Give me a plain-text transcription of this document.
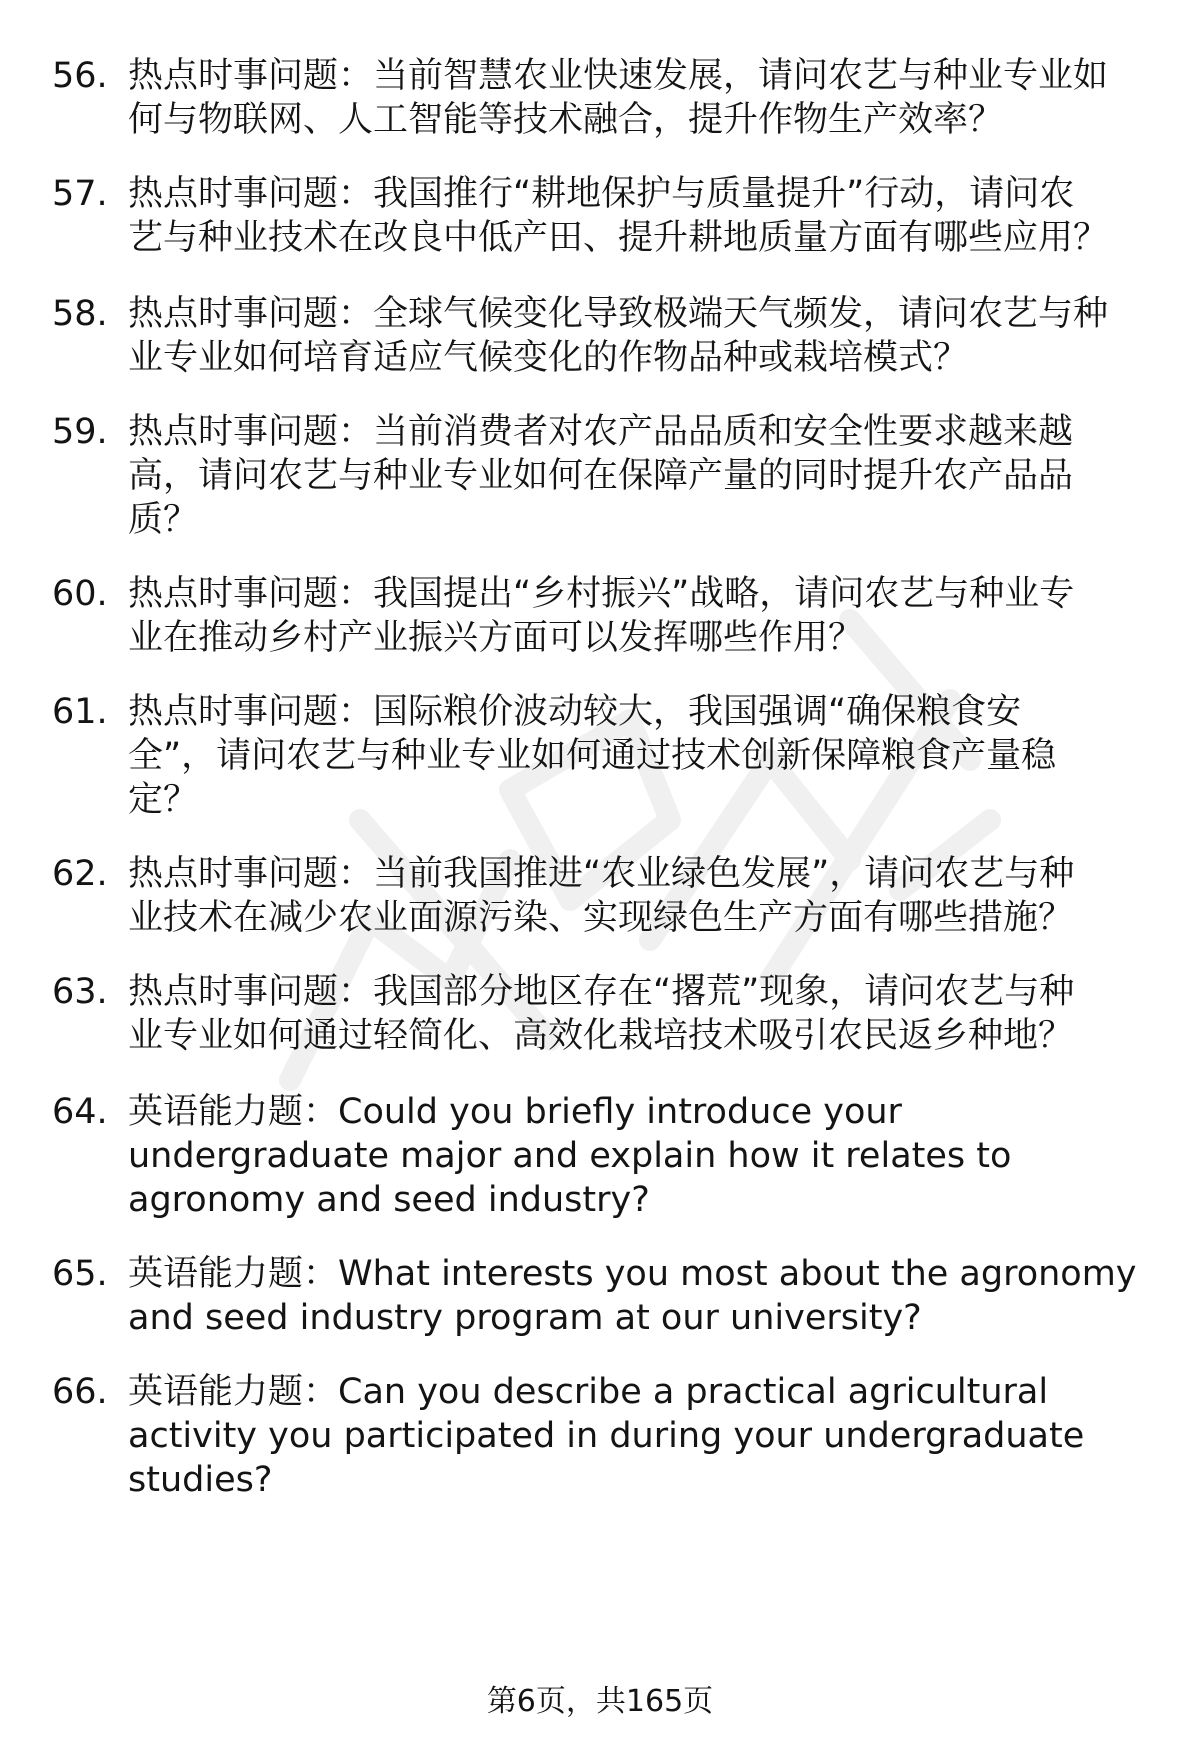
56. 热点时事问题：当前智慧农业快速发展，请问农艺与种业专业如
何与物联网、人工智能等技术融合，提升作物生产效率？
57. 热点时事问题：我国推行“耕地保护与质量提升”行动，请问农
艺与种业技术在改良中低产田、提升耕地质量方面有哪些应用？
58. 热点时事问题：全球气候变化导致极端天气频发，请问农艺与种
业专业如何培育适应气候变化的作物品种或栽培模式？
59. 热点时事问题：当前消费者对农产品品质和安全性要求越来越
高，请问农艺与种业专业如何在保障产量的同时提升农产品品
质？
60. 热点时事问题：我国提出“乡村振兴”战略，请问农艺与种业专
业在推动乡村产业振兴方面可以发挥哪些作用？
61. 热点时事问题：国际粮价波动较大，我国强调“确保粮食安
全”，请问农艺与种业专业如何通过技术创新保障粮食产量稳
定？
62. 热点时事问题：当前我国推进“农业绿色发展”，请问农艺与种
业技术在减少农业面源污染、实现绿色生产方面有哪些措施？
63. 热点时事问题：我国部分地区存在“撂荒”现象，请问农艺与种
业专业如何通过轻简化、高效化栽培技术吸引农民返乡种地？
64. 英语能力题：Could you briefly introduce your
undergraduate major and explain how it relates to
agronomy and seed industry?
65. 英语能力题：What interests you most about the agronomy
and seed industry program at our university?
66. 英语能力题：Can you describe a practical agricultural
activity you participated in during your undergraduate
studies?
第6页，共165页
